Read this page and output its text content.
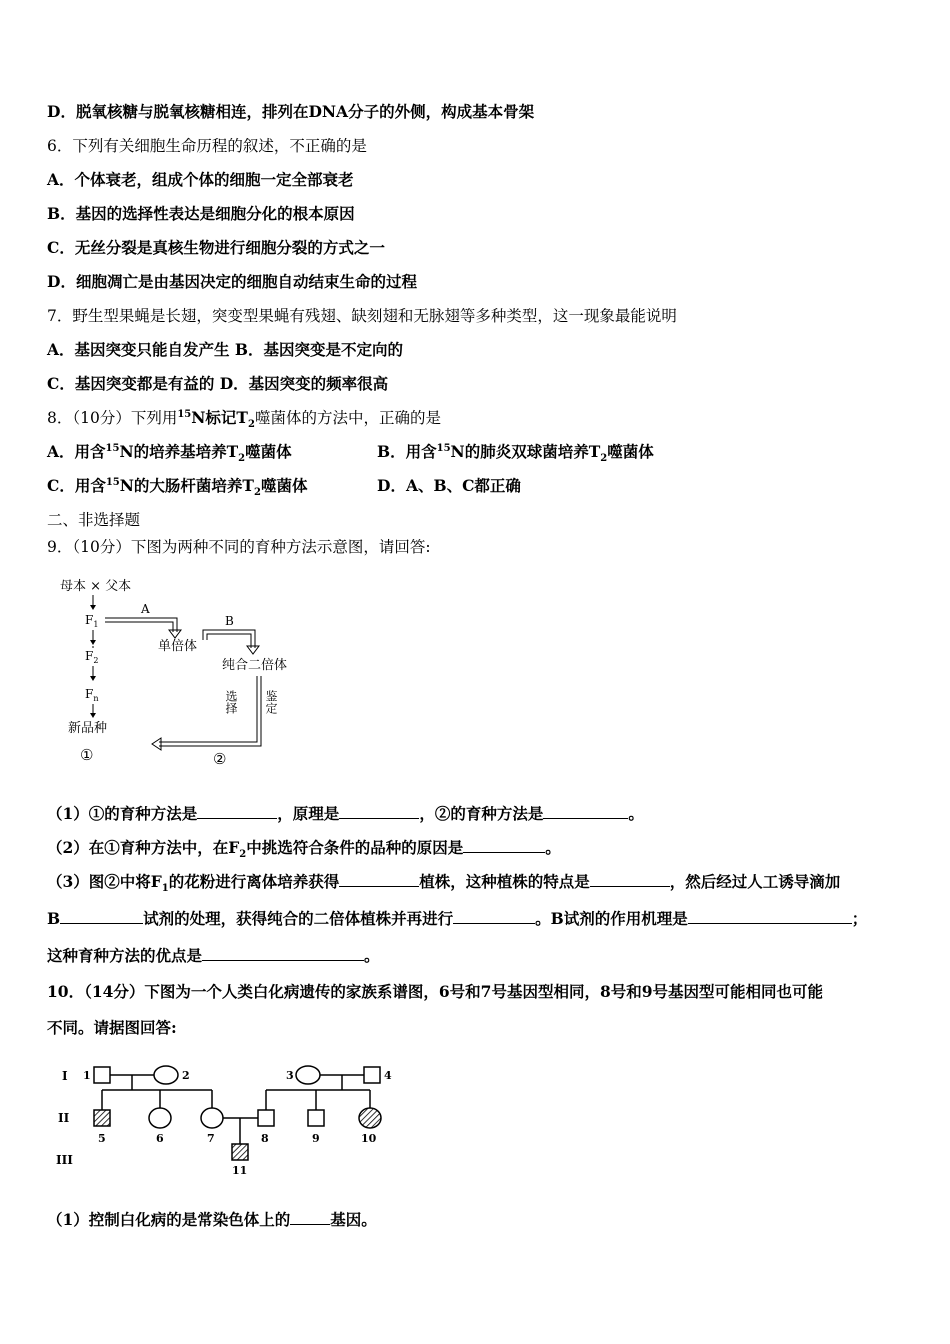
D．脱氧核糖与脱氧核糖相连，排列在DNA分子的外侧，构成基本骨架
6．下列有关细胞生命历程的叙述，不正确的是
A．个体衰老，组成个体的细胞一定全部衰老
B．基因的选择性表达是细胞分化的根本原因
C．无丝分裂是真核生物进行细胞分裂的方式之一
D．细胞凋亡是由基因决定的细胞自动结束生命的过程
7．野生型果蝇是长翅，突变型果蝇有残翅、缺刻翅和无脉翅等多种类型，这一现象最能说明
A．基因突变只能自发产生 B．基因突变是不定向的
C．基因突变都是有益的 D．基因突变的频率很高
8．（10分）下列用$^{15}$N标记$T_2$噬菌体的方法中，正确的是
A．用含$^{15}$N的培养基培养$T_2$噬菌体	B．用含$^{15}$N的肺炎双球菌培养$T_2$噬菌体
C．用含$^{15}$N的大肠杆菌培养$T_2$噬菌体	D．A、B、C都正确
二、非选择题
9．（10分）下图为两种不同的育种方法示意图，请回答:
母本 × 父本
$F_1$
$F_2$
$F_n$
新品种
①
A
单倍体
B
纯合二倍体
选择 鉴定
②
（1）①的育种方法是	，原理是	，②的育种方法是	。
（2）在①育种方法中，在$F_2$中挑选符合条件的品种的原因是	。
（3）图②中将$F_1$的花粉进行离体培养获得	植株，这种植株的特点是	，然后经过人工诱导滴加
B	试剂的处理，获得纯合的二倍体植株并再进行	。B试剂的作用机理是	；
这种育种方法的优点是	。
10．（14分）下图为一个人类白化病遗传的家族系谱图，6号和7号基因型相同，8号和9号基因型可能相同也可能
不同。请据图回答:
I
II
III
1	2	3	4
5	6	7	8	9	10
11
（1）控制白化病的是常染色体上的	基因。
